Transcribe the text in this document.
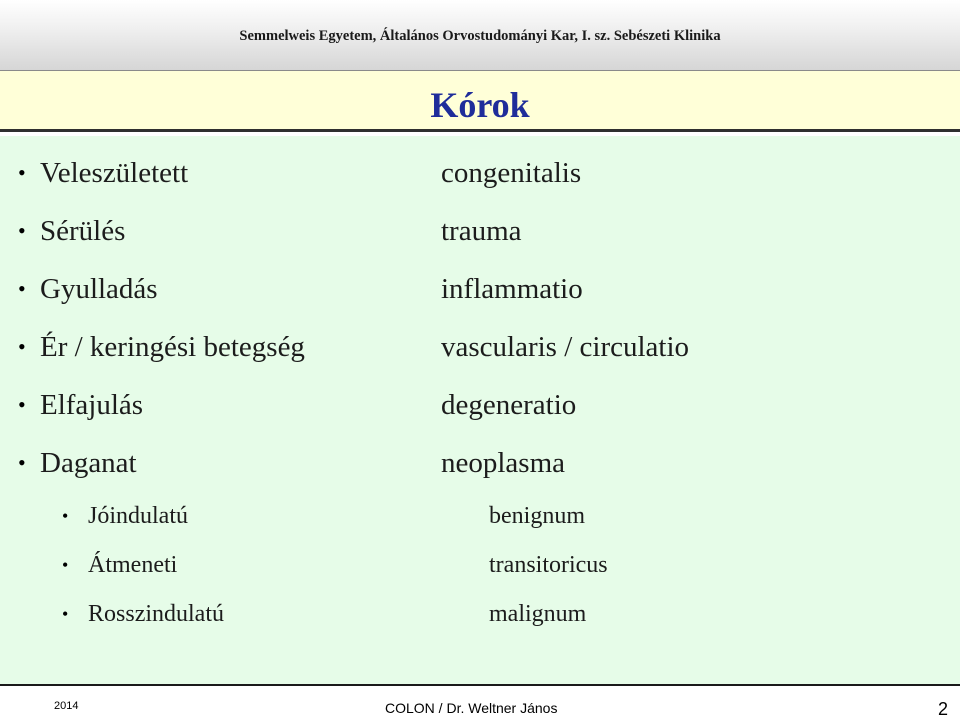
Semmelweis Egyetem, Általános Orvostudományi Kar, I. sz. Sebészeti Klinika
Kórok
• Veleszületett	congenitalis
• Sérülés	trauma
• Gyulladás	inflammatio
• Ér / keringési betegség	vascularis / circulatio
• Elfajulás	degeneratio
• Daganat	neoplasma
• Jóindulatú	benignum
• Átmeneti	transitoricus
• Rosszindulatú	malignum
2014	COLON / Dr. Weltner János	2
